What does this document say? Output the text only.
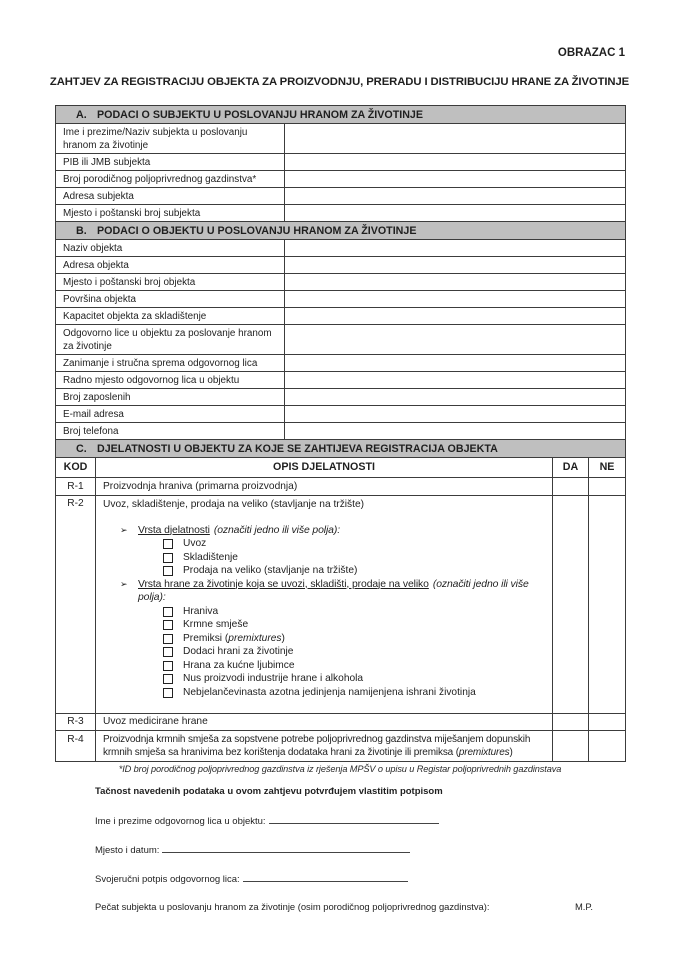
OBRAZAC 1
ZAHTJEV ZA REGISTRACIJU OBJEKTA ZA PROIZVODNJU, PRERADU I DISTRIBUCIJU HRANE ZA ŽIVOTINJE
A. PODACI O SUBJEKTU U POSLOVANJU HRANOM ZA ŽIVOTINJE	
Ime i prezime/Naziv subjekta u poslovanju hranom za životinje	
PIB ili JMB subjekta	
Broj porodičnog poljoprivrednog gazdinstva*	
Adresa subjekta	
Mjesto i poštanski broj subjekta	
B. PODACI O OBJEKTU U POSLOVANJU HRANOM ZA ŽIVOTINJE	
Naziv objekta	
Adresa objekta	
Mjesto i poštanski broj objekta	
Površina objekta	
Kapacitet objekta za skladištenje	
Odgovorno lice u objektu za poslovanje hranom za životinje	
Zanimanje i stručna sprema odgovornog lica	
Radno mjesto odgovornog lica u objektu	
Broj zaposlenih	
E-mail adresa	
Broj telefona	
C. DJELATNOSTI U OBJEKTU ZA KOJE SE ZAHTIJEVA REGISTRACIJA OBJEKTA			
KOD	OPIS DJELATNOSTI	DA	NE
R-1	Proizvodnja hraniva (primarna proizvodnja)		
R-2	Uvoz, skladištenje, prodaja na veliko (stavljanje na tržište)
➢	Vrsta djelatnosti (označiti jedno ili više polja):
Uvoz
Skladištenje
Prodaja na veliko (stavljanje na tržište)
➢	Vrsta hrane za životinje koja se uvozi, skladišti, prodaje na veliko (označiti jedno ili više polja):
Hraniva
Krmne smješe
Premiksi (premixtures)
Dodaci hrani za životinje
Hrana za kućne ljubimce
Nus proizvodi industrije hrane i alkohola
Nebjelančevinasta azotna jedinjenja namijenjena ishrani životinja

R-3	Uvoz medicirane hrane		
R-4	Proizvodnja krmnih smješa za sopstvene potrebe poljoprivrednog gazdinstva miješanjem dopunskih krmnih smješa sa hranivima bez korištenja dodataka hrani za životinje ili premiksa (premixtures)		
*ID broj porodičnog poljoprivrednog gazdinstva iz rješenja MPŠV o upisu u Registar poljoprivrednih gazdinstava

Tačnost navedenih podataka u ovom zahtjevu potvrđujem vlastitim potpisom

Ime i prezime odgovornog lica u objektu:

Mjesto i datum:

Svojeručni potpis odgovornog lica:

Pečat subjekta u poslovanju hranom za životinje (osim porodičnog poljoprivrednog gazdinstva):	M.P.
